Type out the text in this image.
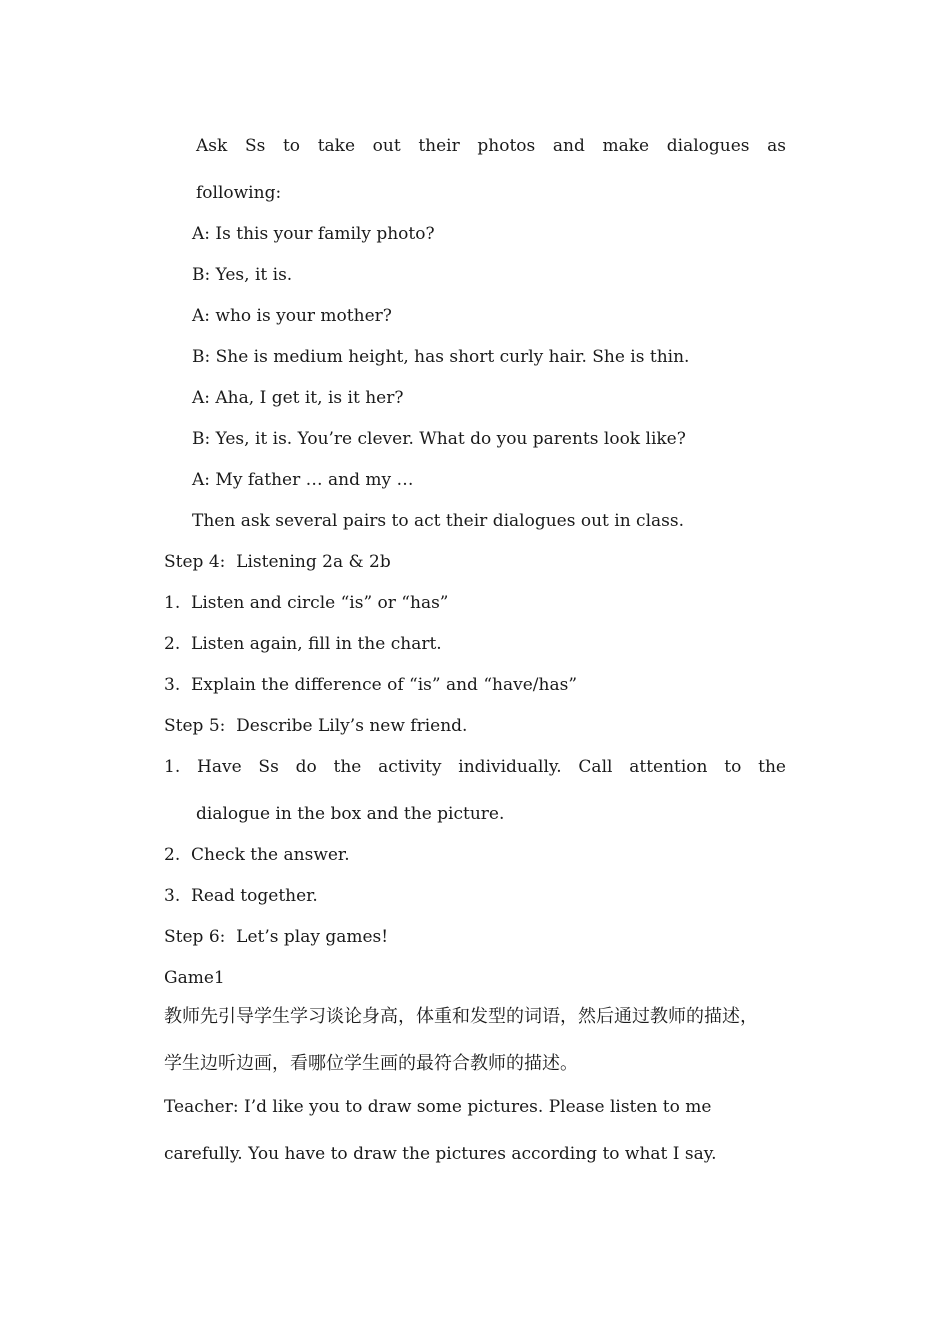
Ask Ss to take out their photos and make dialogues as
following:
A: Is this your family photo?
B: Yes, it is.
A: who is your mother?
B: She is medium height, has short curly hair. She is thin.
A: Aha, I get it, is it her?
B: Yes, it is. You’re clever. What do you parents look like?
A: My father … and my …
Then ask several pairs to act their dialogues out in class.
Step 4:  Listening 2a & 2b
1.  Listen and circle “is” or “has”
2.  Listen again, fill in the chart.
3.  Explain the difference of “is” and “have/has”
Step 5:  Describe Lily’s new friend.
1. Have Ss do the activity individually. Call attention to the
dialogue in the box and the picture.
2.  Check the answer.
3.  Read together.
Step 6:  Let’s play games!
Game1
教师先引导学生学习谈论身高，体重和发型的词语，然后通过教师的描述，
学生边听边画，看哪位学生画的最符合教师的描述。
Teacher: I’d like you to draw some pictures. Please listen to me
carefully. You have to draw the pictures according to what I say.
